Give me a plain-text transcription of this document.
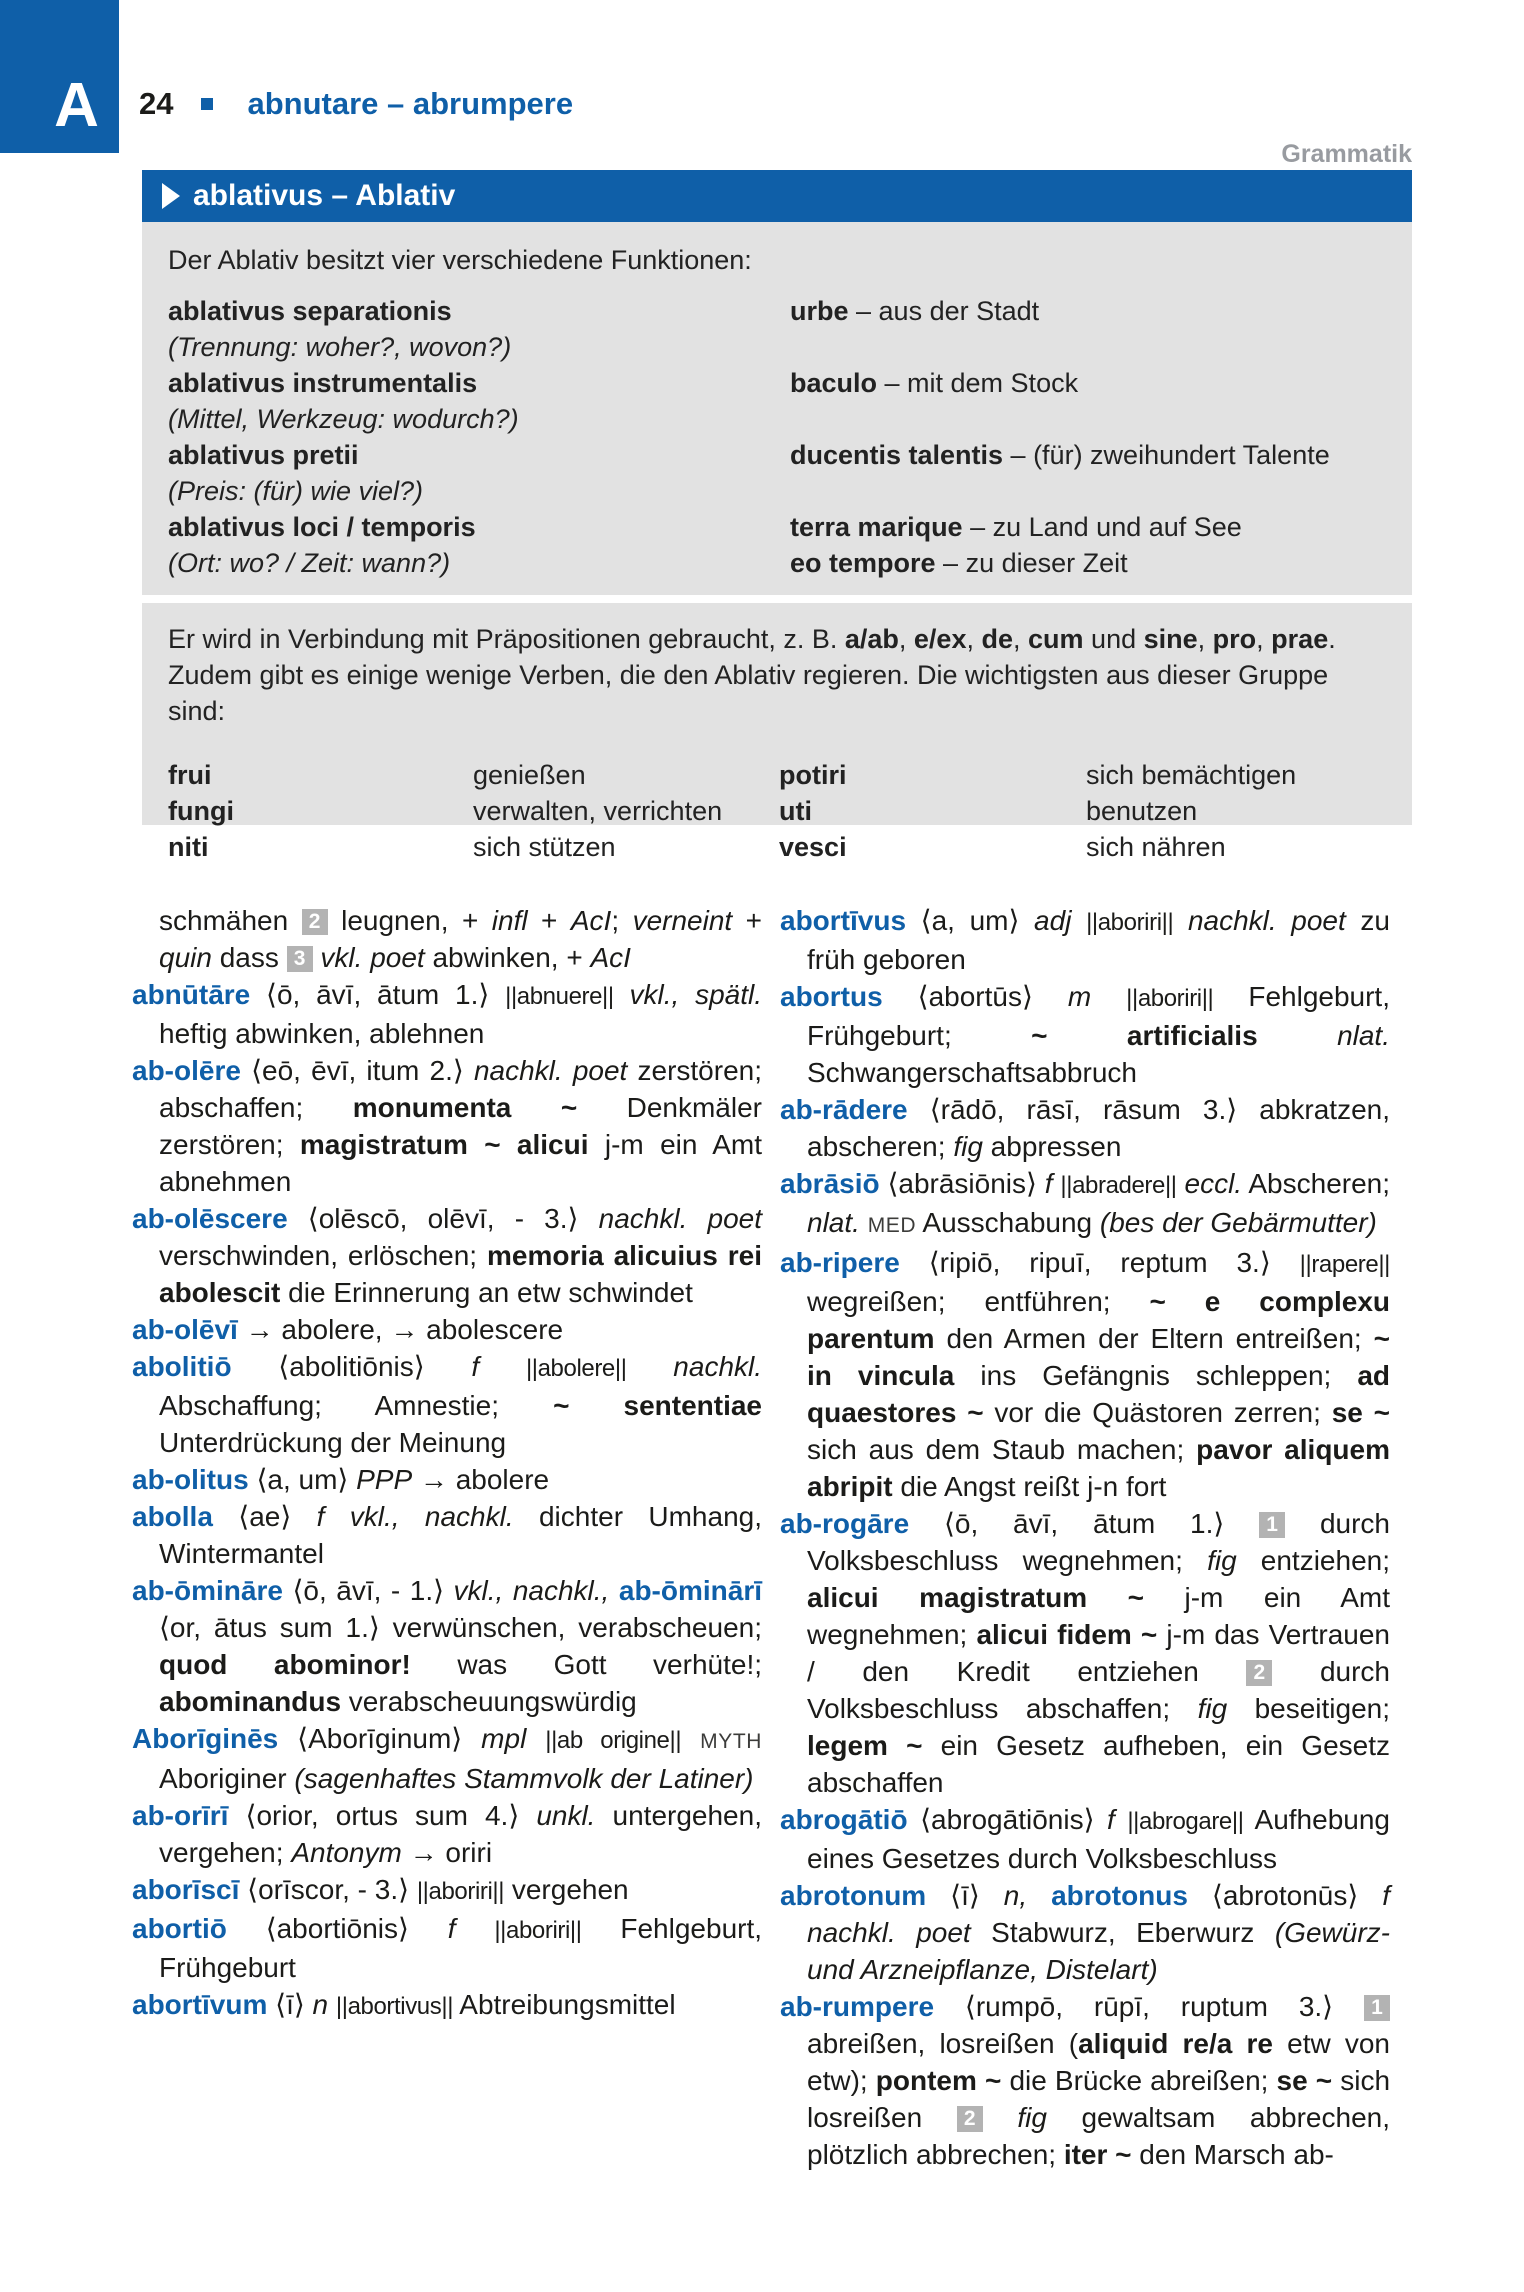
A 24 abnutare – abrumpere
Grammatik
ablativus – Ablativ
Der Ablativ besitzt vier verschiedene Funktionen:
ablativus separationis	urbe – aus der Stadt
(Trennung: woher?, wovon?)
ablativus instrumentalis	baculo – mit dem Stock
(Mittel, Werkzeug: wodurch?)
ablativus pretii	ducentis talentis – (für) zweihundert Talente
(Preis: (für) wie viel?)
ablativus loci / temporis	terra marique – zu Land und auf See
(Ort: wo? / Zeit: wann?)	eo tempore – zu dieser Zeit
Er wird in Verbindung mit Präpositionen gebraucht, z. B. a/ab, e/ex, de, cum und sine, pro, prae. Zudem gibt es einige wenige Verben, die den Ablativ regieren. Die wichtigsten aus dieser Gruppe sind:
frui	genießen	potiri	sich bemächtigen
fungi	verwalten, verrichten	uti	benutzen
niti	sich stützen	vesci	sich nähren

schmähen 2 leugnen, + infl + AcI; verneint + quin dass 3 vkl. poet abwinken, + AcI

abnūtāre ⟨ō, āvī, ātum 1.⟩ ||abnuere|| vkl., spätl. heftig abwinken, ablehnen

ab-olēre ⟨eō, ēvī, itum 2.⟩ nachkl. poet zerstören; abschaffen; monumenta ~ Denkmäler zerstören; magistratum ~ alicui j-m ein Amt abnehmen

ab-olēscere ⟨olēscō, olēvī, - 3.⟩ nachkl. poet verschwinden, erlöschen; memoria alicuius rei abolescit die Erinnerung an etw schwindet

ab-olēvī → abolere, → abolescere

abolitiō ⟨abolitiōnis⟩ f ||abolere|| nachkl. Abschaffung; Amnestie; ~ sententiae Unterdrückung der Meinung

ab-olitus ⟨a, um⟩ PPP → abolere

abolla ⟨ae⟩ f vkl., nachkl. dichter Umhang, Wintermantel

ab-ōmināre ⟨ō, āvī, - 1.⟩ vkl., nachkl., ab-ōminārī ⟨or, ātus sum 1.⟩ verwünschen, verabscheuen; quod abominor! was Gott verhüte!; abominandus verabscheuungswürdig

Aborīginēs ⟨Aborīginum⟩ mpl ||ab origine|| MYTH Aboriginer (sagenhaftes Stammvolk der Latiner)

ab-orīrī ⟨orior, ortus sum 4.⟩ unkl. untergehen, vergehen; Antonym → oriri

aborīscī ⟨orīscor, - 3.⟩ ||aboriri|| vergehen

abortiō ⟨abortiōnis⟩ f ||aboriri|| Fehlgeburt, Frühgeburt

abortīvum ⟨ī⟩ n ||abortivus|| Abtreibungsmittel

abortīvus ⟨a, um⟩ adj ||aboriri|| nachkl. poet zu früh geboren

abortus ⟨abortūs⟩ m ||aboriri|| Fehlgeburt, Frühgeburt; ~ artificialis	nlat. Schwangerschaftsabbruch

ab-rādere ⟨rādō, rāsī, rāsum 3.⟩ abkratzen, abscheren; fig abpressen

abrāsiō ⟨abrāsiōnis⟩ f ||abradere|| eccl. Abscheren; nlat. MED Ausschabung (bes der Gebärmutter)

ab-ripere ⟨ripiō, ripuī, reptum 3.⟩ ||rapere|| wegreißen; entführen; ~ e complexu parentum den Armen der Eltern entreißen; ~ in vincula ins Gefängnis schleppen; ad quaestores ~ vor die Quästoren zerren; se ~ sich aus dem Staub machen; pavor aliquem abripit die Angst reißt j-n fort

ab-rogāre ⟨ō, āvī, ātum 1.⟩ 1 durch Volksbeschluss wegnehmen; fig entziehen; alicui magistratum ~ j-m ein Amt wegnehmen; alicui fidem ~ j-m das Vertrauen / den Kredit entziehen 2 durch Volksbeschluss abschaffen; fig beseitigen; legem ~ ein Gesetz aufheben, ein Gesetz abschaffen

abrogātiō ⟨abrogātiōnis⟩ f ||abrogare|| Aufhebung eines Gesetzes durch Volksbeschluss

abrotonum ⟨ī⟩ n, abrotonus ⟨abrotonūs⟩ f nachkl. poet Stabwurz, Eberwurz (Gewürz- und Arzneipflanze, Distelart)

ab-rumpere ⟨rumpō, rūpī, ruptum 3.⟩ 1 abreißen, losreißen (aliquid re/a re etw von etw); pontem ~ die Brücke abreißen; se ~ sich losreißen 2 fig gewaltsam abbrechen, plötzlich abbrechen; iter ~ den Marsch ab-
